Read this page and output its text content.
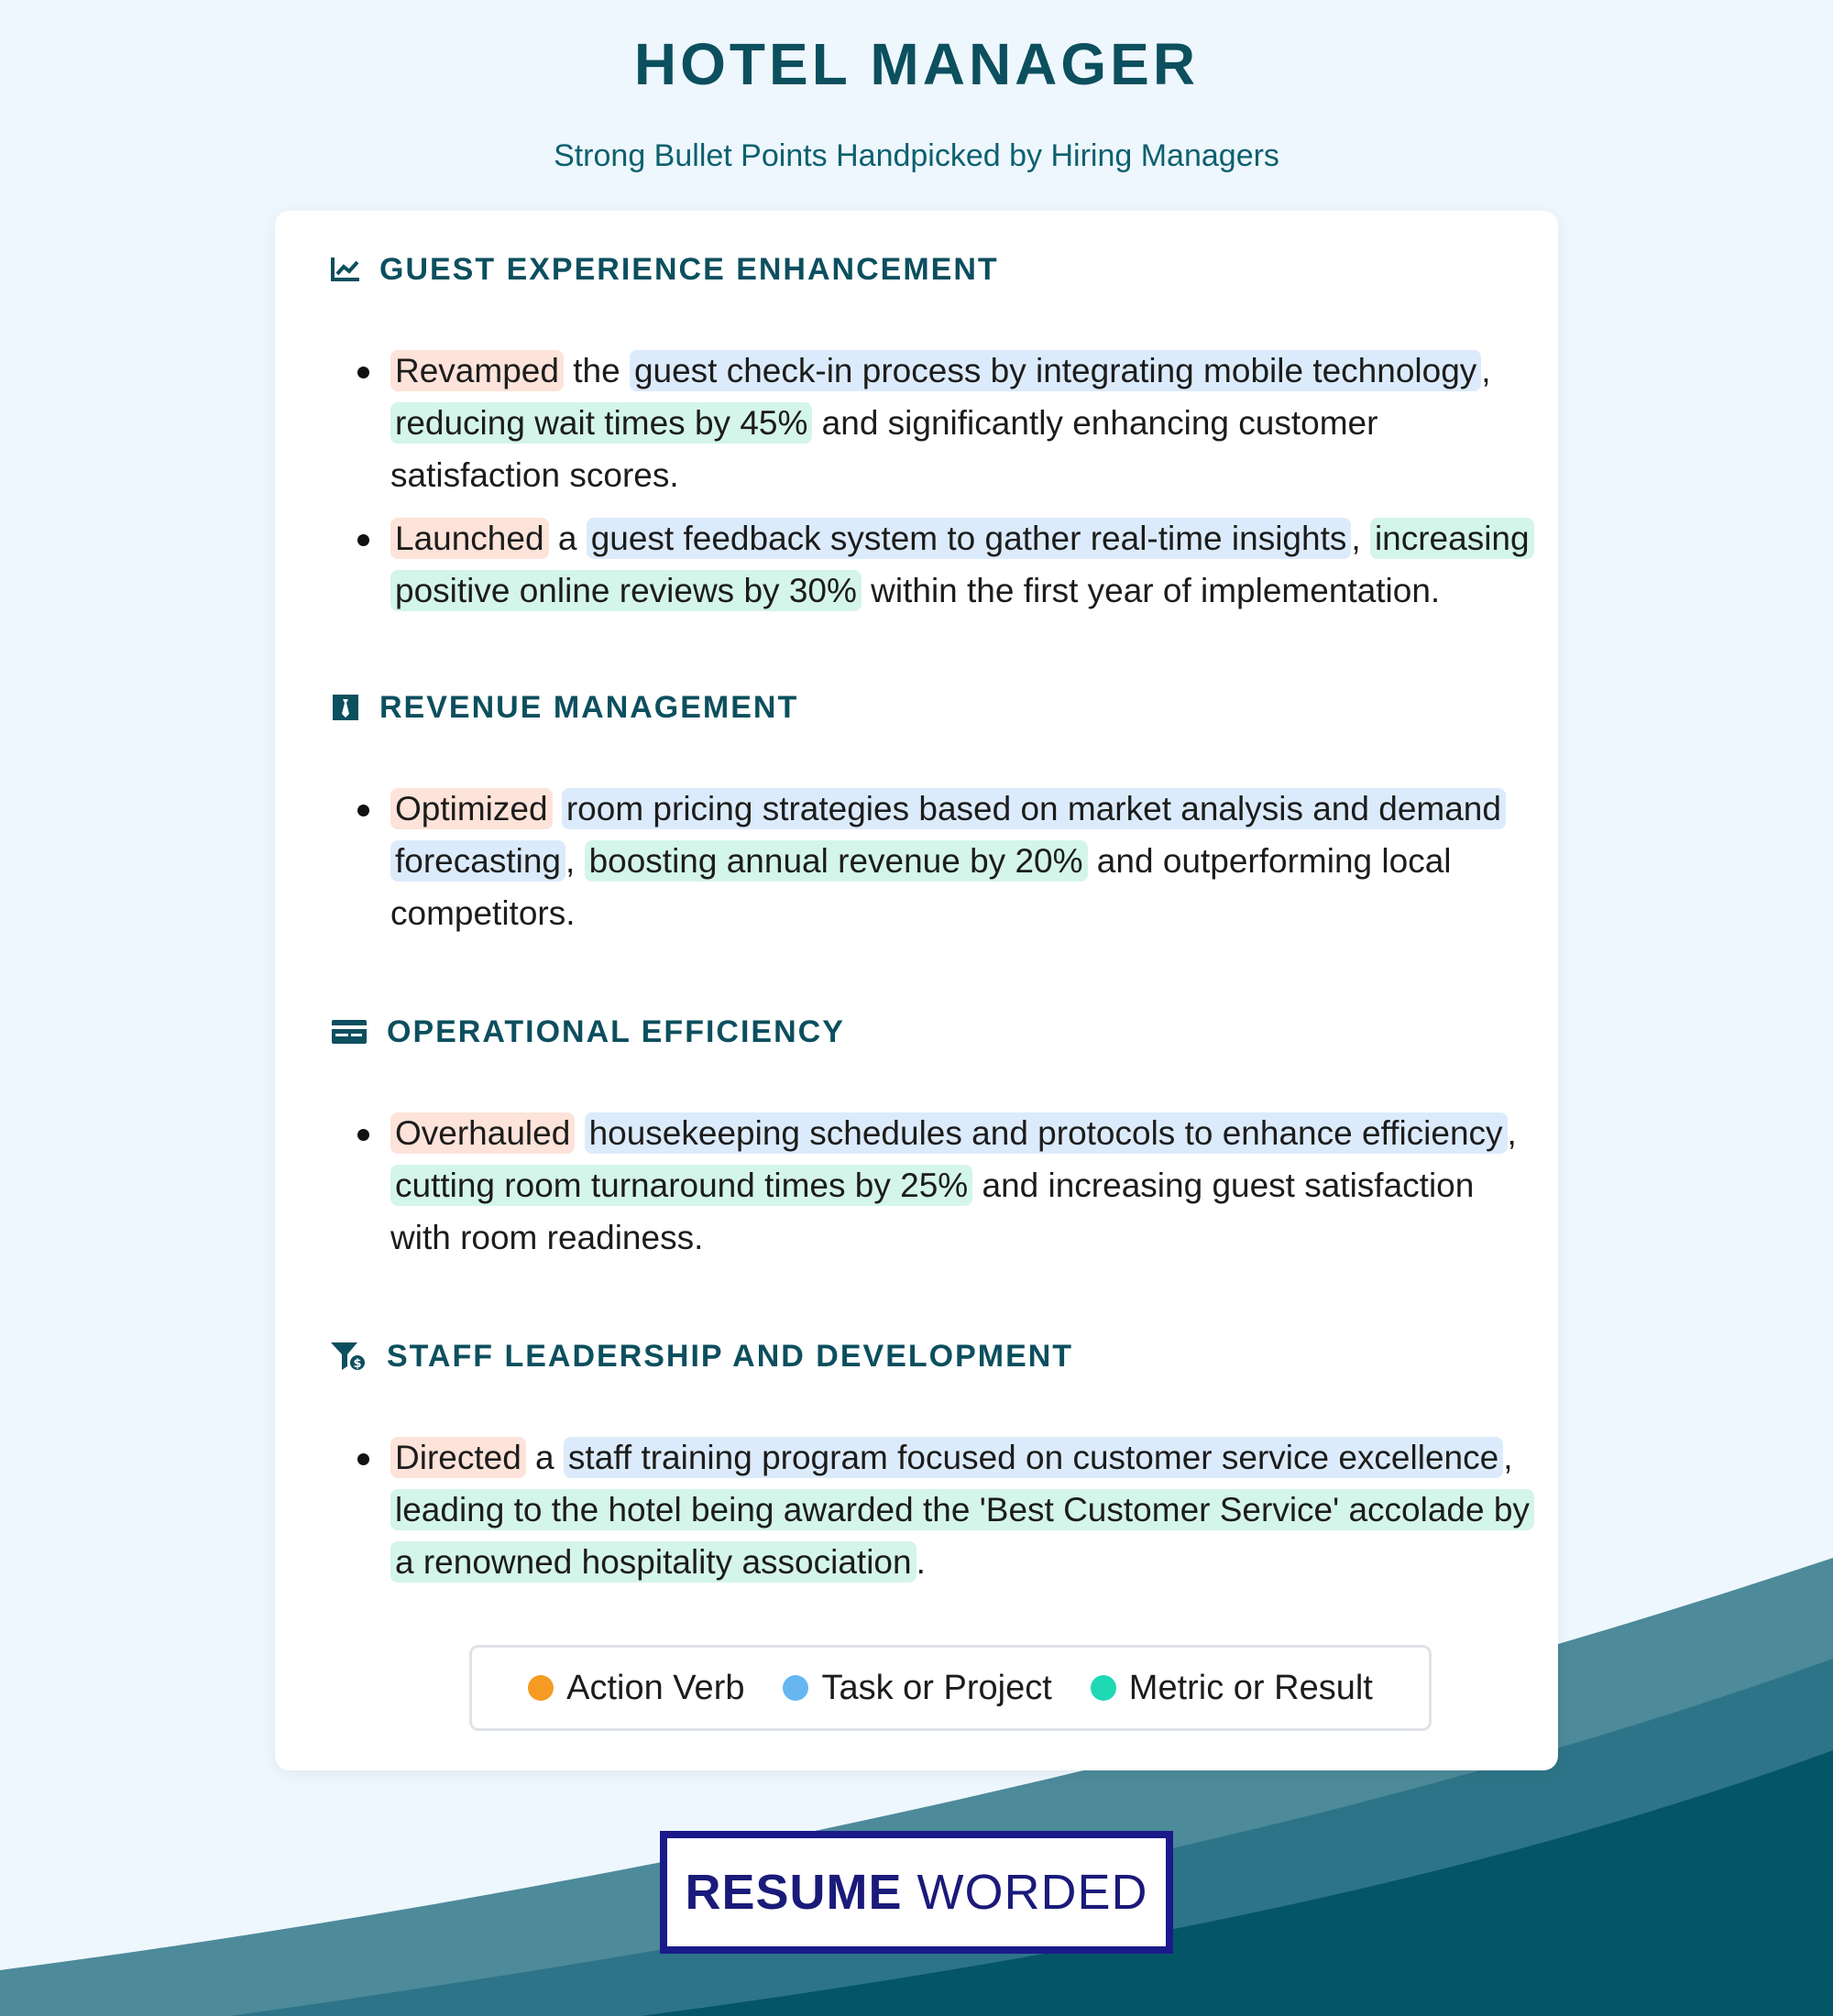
HOTEL MANAGER
Strong Bullet Points Handpicked by Hiring Managers
GUEST EXPERIENCE ENHANCEMENT
Revamped the guest check-in process by integrating mobile technology , reducing wait times by 45% and significantly enhancing customer satisfaction scores.
Launched a guest feedback system to gather real-time insights , increasing positive online reviews by 30% within the first year of implementation.
REVENUE MANAGEMENT
Optimized room pricing strategies based on market analysis and demand forecasting , boosting annual revenue by 20% and outperforming local competitors.
OPERATIONAL EFFICIENCY
Overhauled housekeeping schedules and protocols to enhance efficiency , cutting room turnaround times by 25% and increasing guest satisfaction with room readiness.
$ STAFF LEADERSHIP AND DEVELOPMENT
Directed a staff training program focused on customer service excellence , leading to the hotel being awarded the 'Best Customer Service' accolade by a renowned hospitality association .
Action Verb Task or Project Metric or Result
RESUME WORDED
